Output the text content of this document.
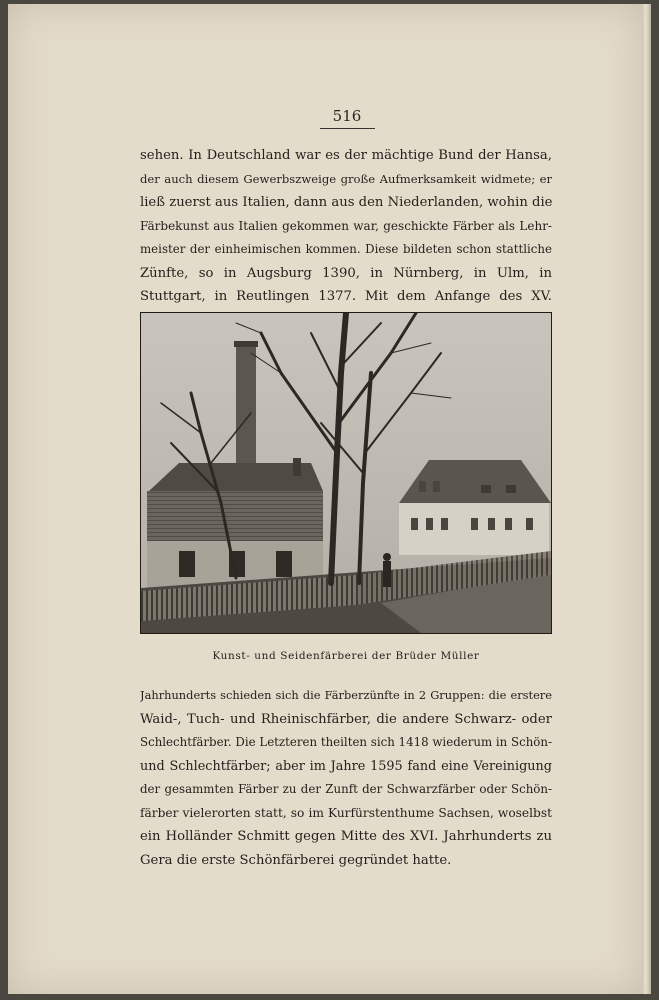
516
sehen. In Deutschland war es der mächtige Bund der Hansa,
der auch diesem Gewerbszweige große Aufmerksamkeit widmete; er
ließ zuerst aus Italien, dann aus den Niederlanden, wohin die
Färbekunst aus Italien gekommen war, geschickte Färber als Lehr-
meister der einheimischen kommen. Diese bildeten schon stattliche
Zünfte, so in Augsburg 1390, in Nürnberg, in Ulm, in
Stuttgart, in Reutlingen 1377. Mit dem Anfange des XV.
Kunst- und Seidenfärberei der Brüder Müller
Jahrhunderts schieden sich die Färberzünfte in 2 Gruppen: die erstere
Waid-, Tuch- und Rheinischfärber, die andere Schwarz- oder
Schlechtfärber. Die Letzteren theilten sich 1418 wiederum in Schön-
und Schlechtfärber; aber im Jahre 1595 fand eine Vereinigung
der gesammten Färber zu der Zunft der Schwarzfärber oder Schön-
färber vielerorten statt, so im Kurfürstenthume Sachsen, woselbst
ein Holländer Schmitt gegen Mitte des XVI. Jahrhunderts zu
Gera die erste Schönfärberei gegründet hatte.
